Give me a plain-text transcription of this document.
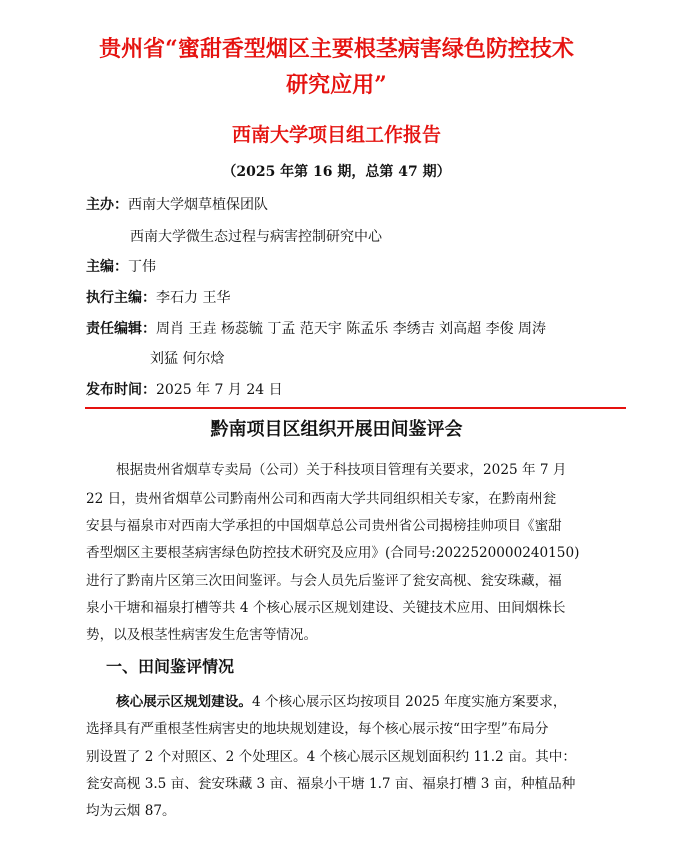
贵州省“蜜甜香型烟区主要根茎病害绿色防控技术
研究应用”
西南大学项目组工作报告
（2025 年第 16 期，总第 47 期）
主办：西南大学烟草植保团队
西南大学微生态过程与病害控制研究中心
主编：丁伟
执行主编：李石力 王华
责任编辑：周肖 王垚 杨蕊毓 丁孟 范天宇 陈孟乐 李绣吉 刘高超 李俊 周涛
刘猛 何尔焓
发布时间：2025 年 7 月 24 日
黔南项目区组织开展田间鉴评会
根据贵州省烟草专卖局（公司）关于科技项目管理有关要求，2025 年 7 月
22 日，贵州省烟草公司黔南州公司和西南大学共同组织相关专家，在黔南州瓮
安县与福泉市对西南大学承担的中国烟草总公司贵州省公司揭榜挂帅项目《蜜甜
香型烟区主要根茎病害绿色防控技术研究及应用》(合同号:2022520000240150)
进行了黔南片区第三次田间鉴评。与会人员先后鉴评了瓮安高枧、瓮安珠藏，福
泉小干塘和福泉打槽等共 4 个核心展示区规划建设、关键技术应用、田间烟株长
势，以及根茎性病害发生危害等情况。
一、田间鉴评情况
核心展示区规划建设。4 个核心展示区均按项目 2025 年度实施方案要求，
选择具有严重根茎性病害史的地块规划建设，每个核心展示按“田字型”布局分
别设置了 2 个对照区、2 个处理区。4 个核心展示区规划面积约 11.2 亩。其中：
瓮安高枧 3.5 亩、瓮安珠藏 3 亩、福泉小干塘 1.7 亩、福泉打槽 3 亩，种植品种
均为云烟 87。
